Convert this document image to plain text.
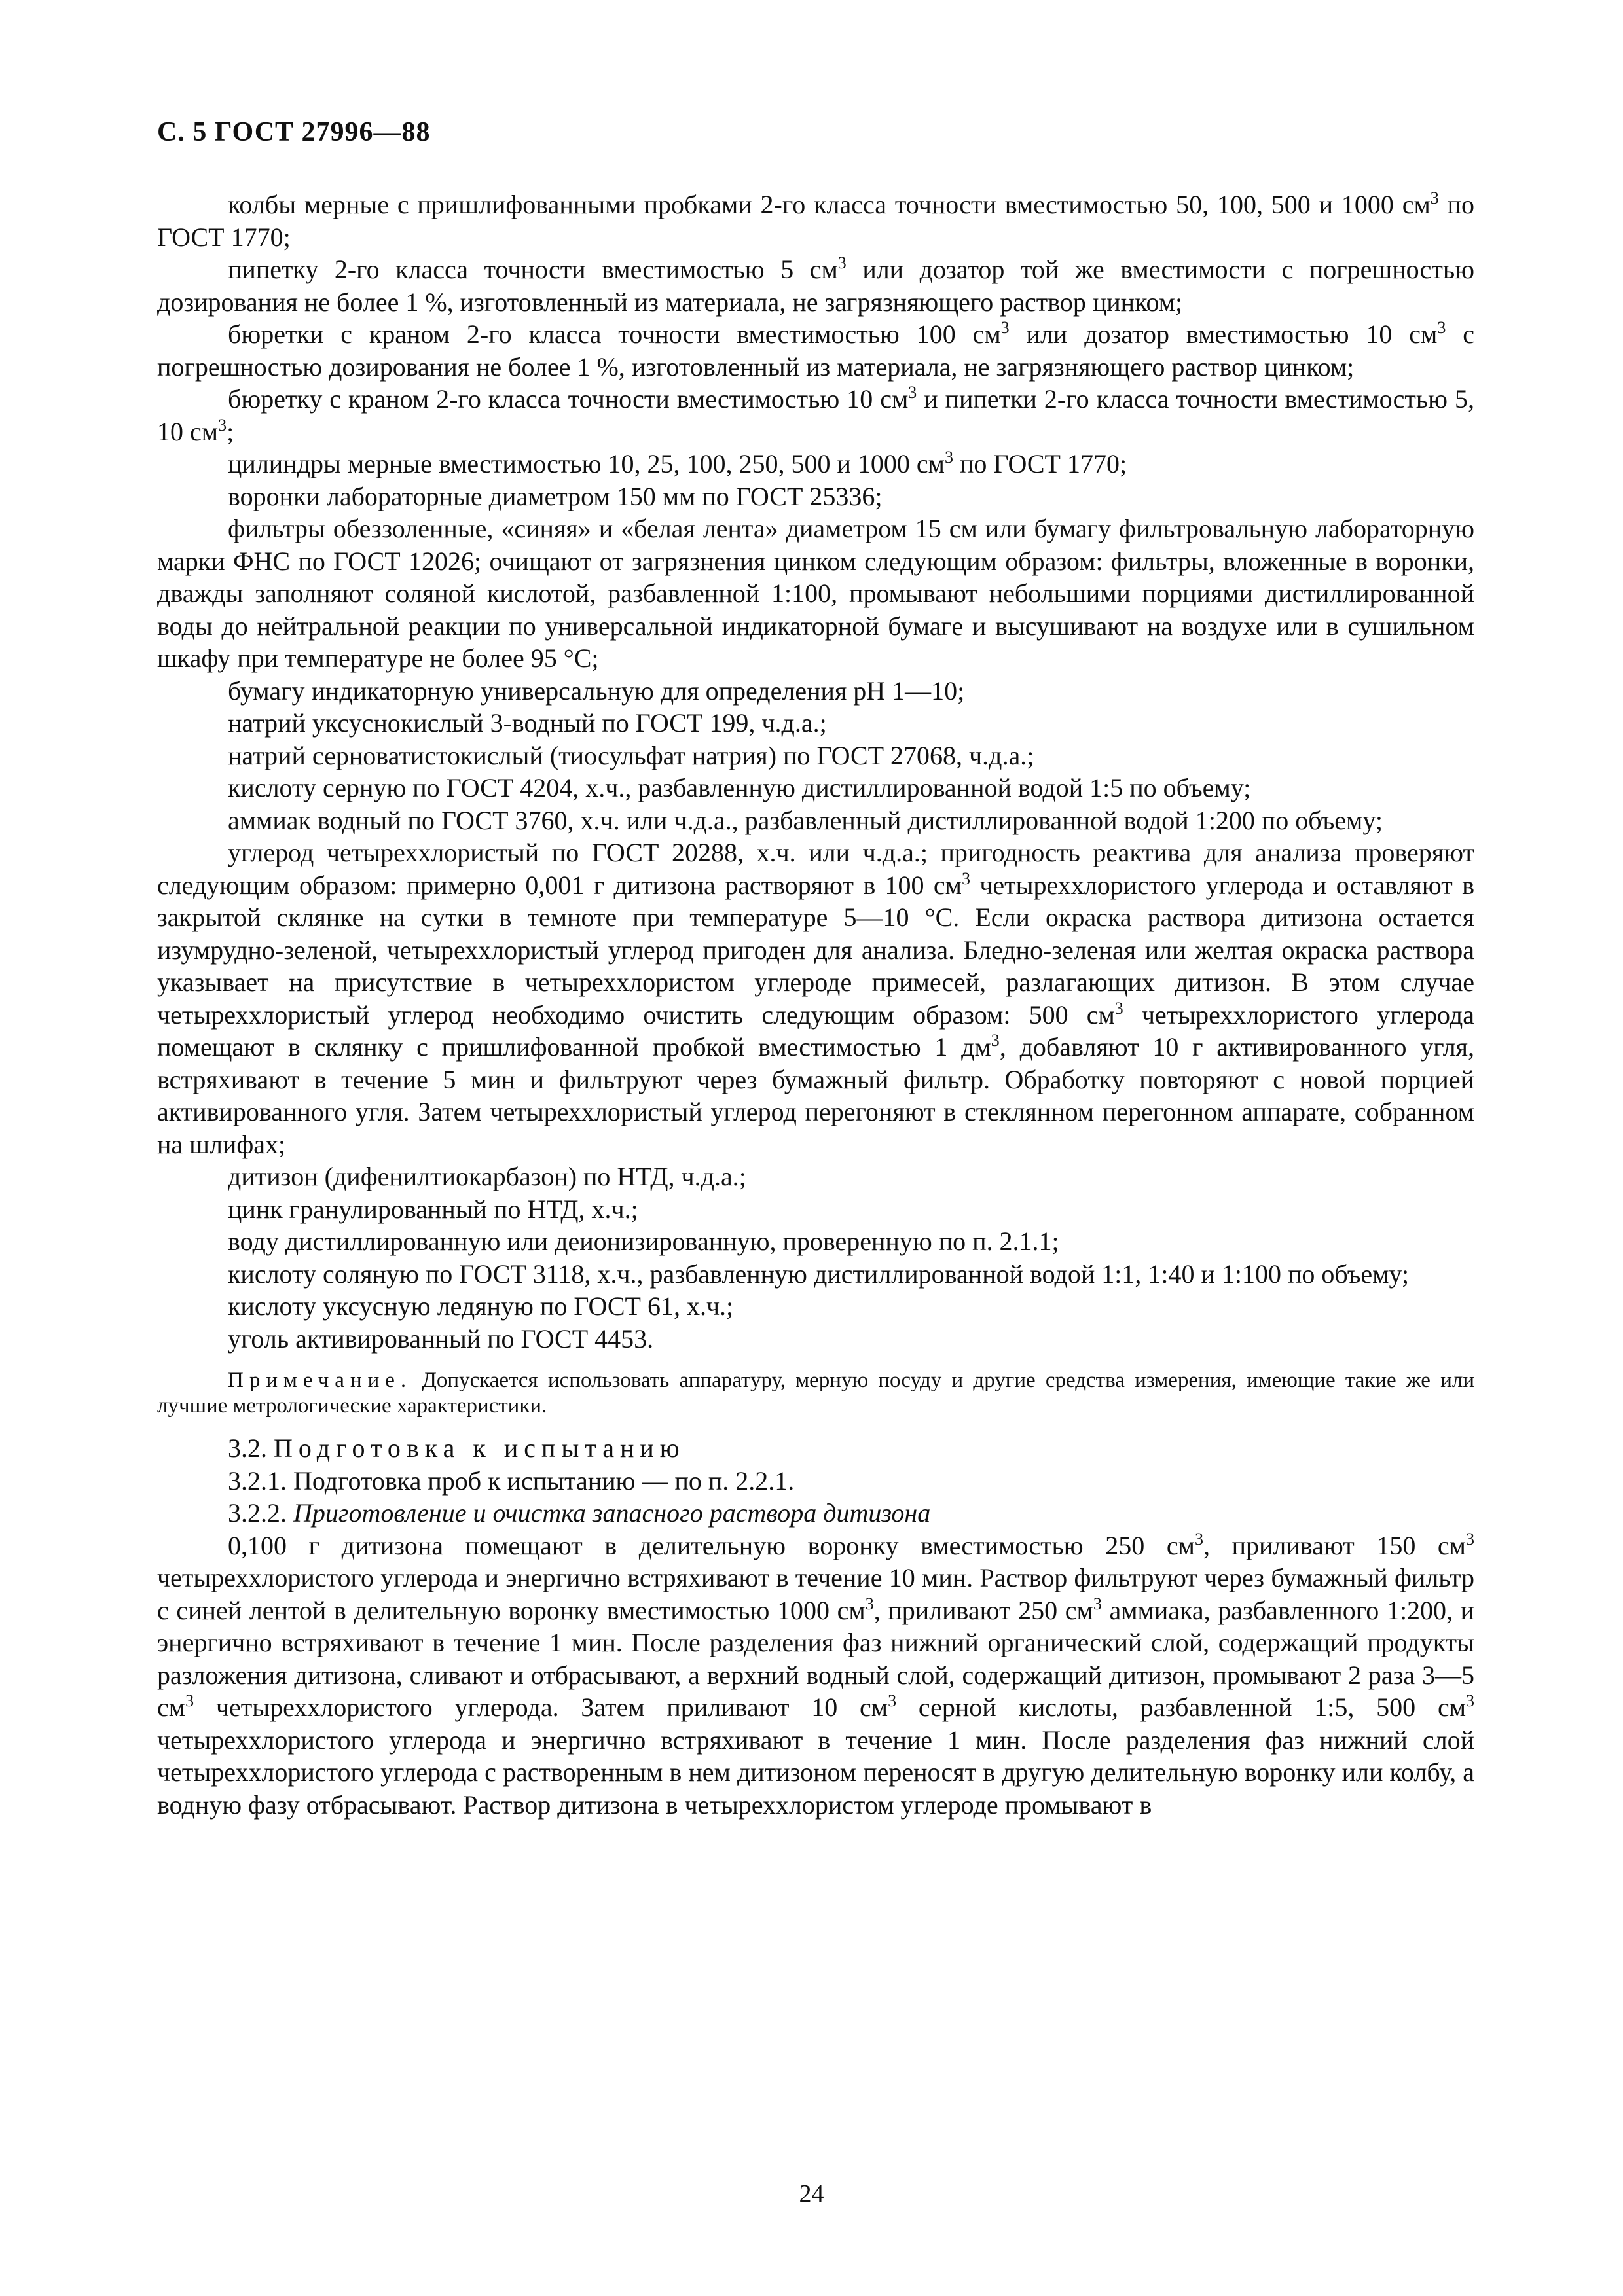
С. 5 ГОСТ 27996—88

колбы мерные с пришлифованными пробками 2-го класса точности вместимостью 50, 100, 500 и 1000 $см^3$ по ГОСТ 1770;

пипетку 2-го класса точности вместимостью 5 $см^3$ или дозатор той же вместимости с погрешностью дозирования не более 1 %, изготовленный из материала, не загрязняющего раствор цинком;

бюретки с краном 2-го класса точности вместимостью 100 $см^3$ или дозатор вместимостью 10 $см^3$ с погрешностью дозирования не более 1 %, изготовленный из материала, не загрязняющего раствор цинком;

бюретку с краном 2-го класса точности вместимостью 10 $см^3$ и пипетки 2-го класса точности вместимостью 5, 10 $см^3$;

цилиндры мерные вместимостью 10, 25, 100, 250, 500 и 1000 $см^3$ по ГОСТ 1770;

воронки лабораторные диаметром 150 мм по ГОСТ 25336;

фильтры обеззоленные, «синяя» и «белая лента» диаметром 15 см или бумагу фильтровальную лабораторную марки ФНС по ГОСТ 12026; очищают от загрязнения цинком следующим образом: фильтры, вложенные в воронки, дважды заполняют соляной кислотой, разбавленной 1:100, промывают небольшими порциями дистиллированной воды до нейтральной реакции по универсальной индикаторной бумаге и высушивают на воздухе или в сушильном шкафу при температуре не более 95 °С;

бумагу индикаторную универсальную для определения рН 1—10;

натрий уксуснокислый 3-водный по ГОСТ 199, ч.д.а.;

натрий серноватистокислый (тиосульфат натрия) по ГОСТ 27068, ч.д.а.;

кислоту серную по ГОСТ 4204, х.ч., разбавленную дистиллированной водой 1:5 по объему;

аммиак водный по ГОСТ 3760, х.ч. или ч.д.а., разбавленный дистиллированной водой 1:200 по объему;

углерод четыреххлористый по ГОСТ 20288, х.ч. или ч.д.а.; пригодность реактива для анализа проверяют следующим образом: примерно 0,001 г дитизона растворяют в 100 $см^3$ четыреххлористого углерода и оставляют в закрытой склянке на сутки в темноте при температуре 5—10 °С. Если окраска раствора дитизона остается изумрудно-зеленой, четыреххлористый углерод пригоден для анализа. Бледно-зеленая или желтая окраска раствора указывает на присутствие в четыреххлористом углероде примесей, разлагающих дитизон. В этом случае четыреххлористый углерод необходимо очистить следующим образом: 500 $см^3$ четыреххлористого углерода помещают в склянку с пришлифованной пробкой вместимостью 1 $дм^3$, добавляют 10 г активированного угля, встряхивают в течение 5 мин и фильтруют через бумажный фильтр. Обработку повторяют с новой порцией активированного угля. Затем четыреххлористый углерод перегоняют в стеклянном перегонном аппарате, собранном на шлифах;

дитизон (дифенилтиокарбазон) по НТД, ч.д.а.;

цинк гранулированный по НТД, х.ч.;

воду дистиллированную или деионизированную, проверенную по п. 2.1.1;

кислоту соляную по ГОСТ 3118, х.ч., разбавленную дистиллированной водой 1:1, 1:40 и 1:100 по объему;

кислоту уксусную ледяную по ГОСТ 61, х.ч.;

уголь активированный по ГОСТ 4453.

Примечание. Допускается использовать аппаратуру, мерную посуду и другие средства измерения, имеющие такие же или лучшие метрологические характеристики.

3.2. Подготовка к испытанию

3.2.1. Подготовка проб к испытанию — по п. 2.2.1.

3.2.2. Приготовление и очистка запасного раствора дитизона

0,100 г дитизона помещают в делительную воронку вместимостью 250 $см^3$, приливают 150 $см^3$ четыреххлористого углерода и энергично встряхивают в течение 10 мин. Раствор фильтруют через бумажный фильтр с синей лентой в делительную воронку вместимостью 1000 $см^3$, приливают 250 $см^3$ аммиака, разбавленного 1:200, и энергично встряхивают в течение 1 мин. После разделения фаз нижний органический слой, содержащий продукты разложения дитизона, сливают и отбрасывают, а верхний водный слой, содержащий дитизон, промывают 2 раза 3—5 $см^3$ четыреххлористого углерода. Затем приливают 10 $см^3$ серной кислоты, разбавленной 1:5, 500 $см^3$ четыреххлористого углерода и энергично встряхивают в течение 1 мин. После разделения фаз нижний слой четыреххлористого углерода с растворенным в нем дитизоном переносят в другую делительную воронку или колбу, а водную фазу отбрасывают. Раствор дитизона в четыреххлористом углероде промывают в

24
